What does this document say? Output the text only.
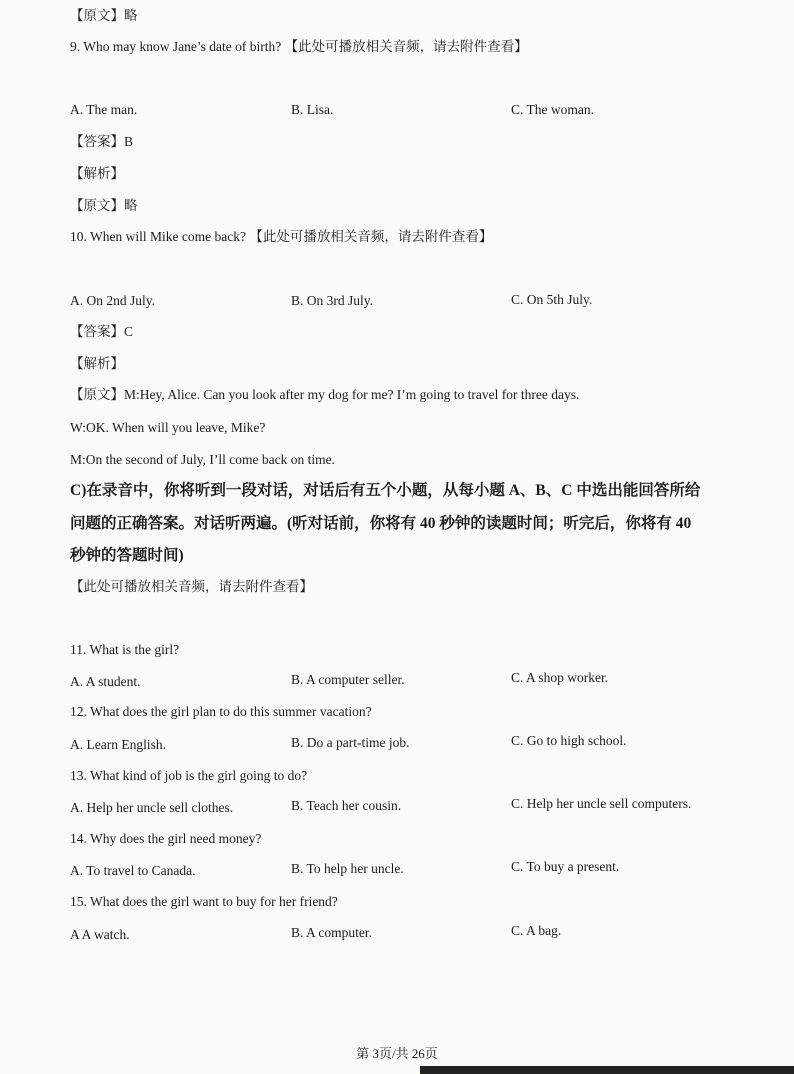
【原文】略
9. Who may know Jane’s date of birth? 【此处可播放相关音频，请去附件查看】
A. The man.	B. Lisa.	C. The woman.
【答案】B
【解析】
【原文】略
10. When will Mike come back? 【此处可播放相关音频，请去附件查看】
A. On 2nd July.	B. On 3rd July.	C. On 5th July.
【答案】C
【解析】
【原文】M:Hey, Alice. Can you look after my dog for me? I’m going to travel for three days.
W:OK. When will you leave, Mike?
M:On the second of July, I’ll come back on time.
C)在录音中，你将听到一段对话，对话后有五个小题，从每小题 A、B、C 中选出能回答所给
问题的正确答案。对话听两遍。(听对话前，你将有 40 秒钟的读题时间；听完后，你将有 40
秒钟的答题时间)
【此处可播放相关音频，请去附件查看】
11. What is the girl?
A. A student.	B. A computer seller.	C. A shop worker.
12. What does the girl plan to do this summer vacation?
A. Learn English.	B. Do a part-time job.	C. Go to high school.
13. What kind of job is the girl going to do?
A. Help her uncle sell clothes.	B. Teach her cousin.	C. Help her uncle sell computers.
14. Why does the girl need money?
A. To travel to Canada.	B. To help her uncle.	C. To buy a present.
15. What does the girl want to buy for her friend?
A A watch.	B. A computer.	C. A bag.
第 3页/共 26页
